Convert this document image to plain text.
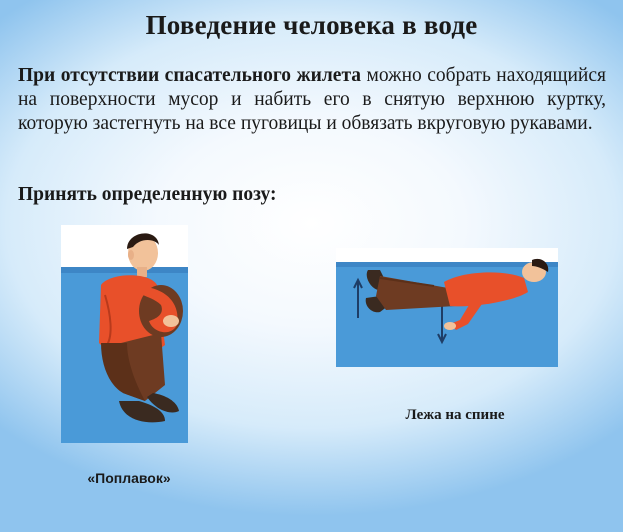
Поведение человека в воде
При отсутствии спасательного жилета можно собрать находящийся на поверхности мусор и набить его в снятую верхнюю куртку, которую застегнуть на все пуговицы и обвязать вкруговую рукавами.
Принять определенную позу:
«Поплавок»
Лежа на спине
